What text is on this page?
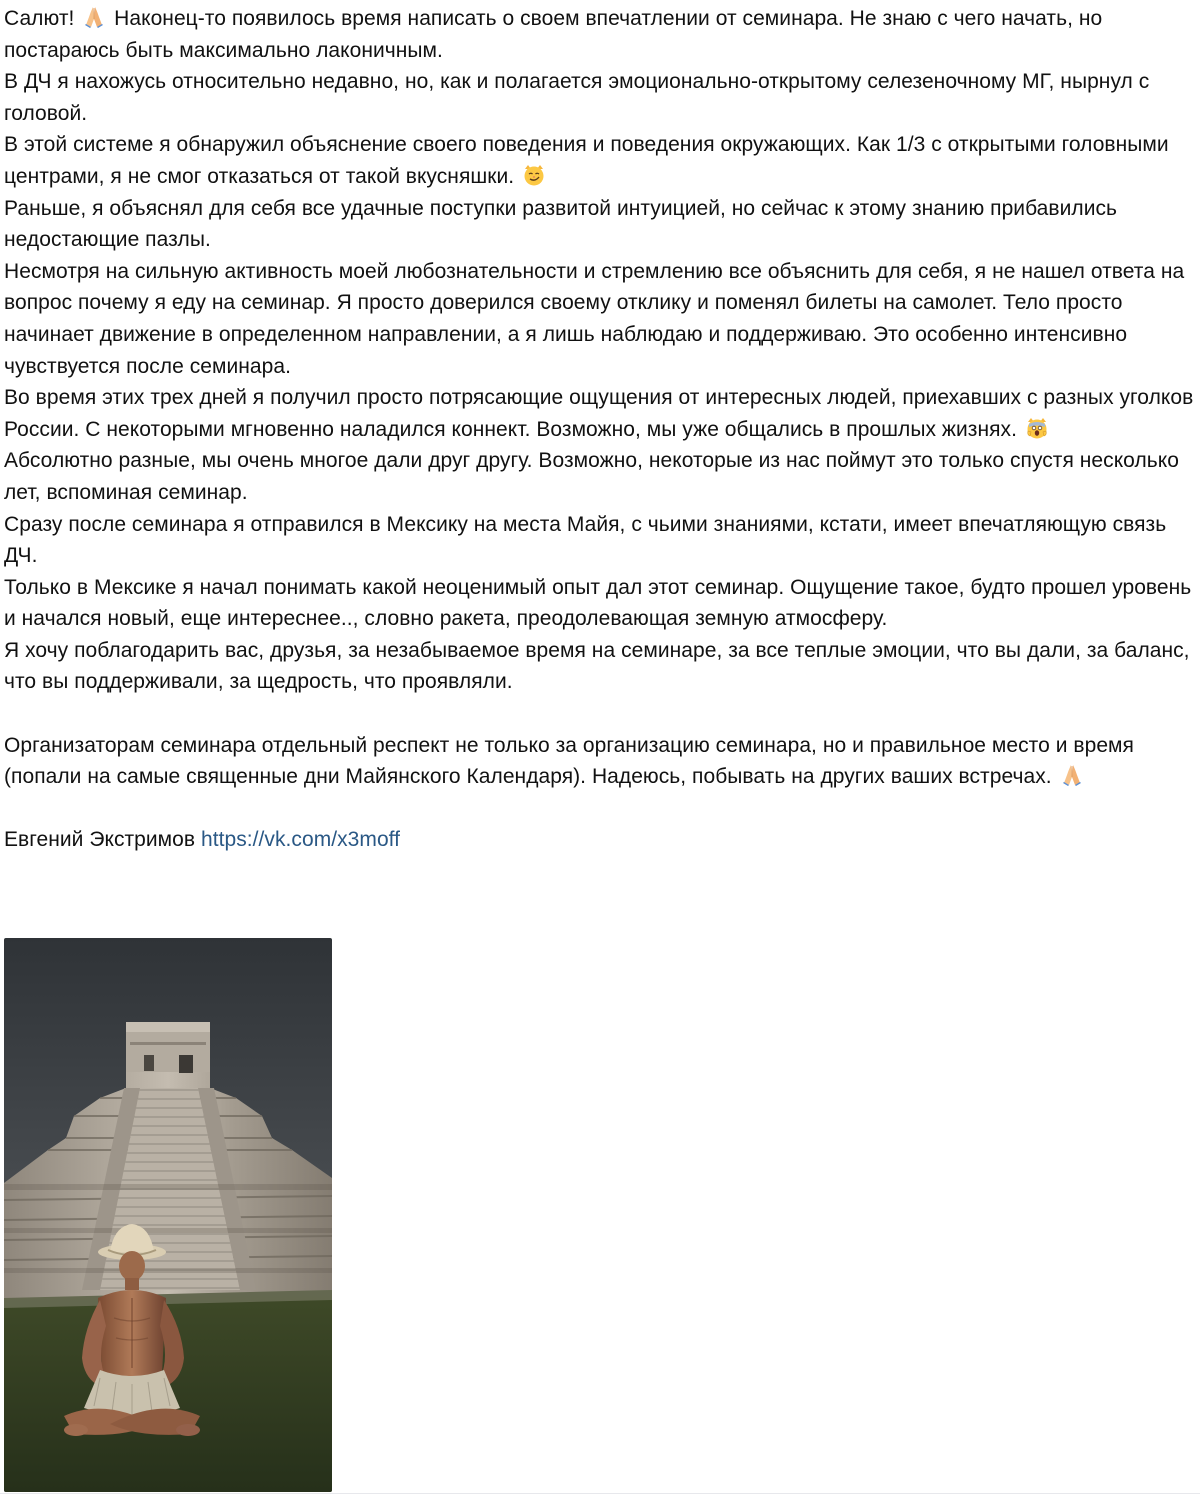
Салют!  Наконец-то появилось время написать о своем впечатлении от семинара. Не знаю с чего начать, но постараюсь быть максимально лаконичным.
В ДЧ я нахожусь относительно недавно, но, как и полагается эмоционально-открытому селезеночному МГ, нырнул с головой.
В этой системе я обнаружил объяснение своего поведения и поведения окружающих. Как 1/3 с открытыми головными центрами, я не смог отказаться от такой вкусняшки.
Раньше, я объяснял для себя все удачные поступки развитой интуицией, но сейчас к этому знанию прибавились недостающие пазлы.
Несмотря на сильную активность моей любознательности и стремлению все объяснить для себя, я не нашел ответа на вопрос почему я еду на семинар. Я просто доверился своему отклику и поменял билеты на самолет. Тело просто начинает движение в определенном направлении, а я лишь наблюдаю и поддерживаю. Это особенно интенсивно чувствуется после семинара.
Во время этих трех дней я получил просто потрясающие ощущения от интересных людей, приехавших с разных уголков России. С некоторыми мгновенно наладился коннект. Возможно, мы уже общались в прошлых жизнях.
Абсолютно разные, мы очень многое дали друг другу. Возможно, некоторые из нас поймут это только спустя несколько лет, вспоминая семинар.
Сразу после семинара я отправился в Мексику на места Майя, с чьими знаниями, кстати, имеет впечатляющую связь ДЧ.
Только в Мексике я начал понимать какой неоценимый опыт дал этот семинар. Ощущение такое, будто прошел уровень и начался новый, еще интереснее.., словно ракета, преодолевающая земную атмосферу.
Я хочу поблагодарить вас, друзья, за незабываемое время на семинаре, за все теплые эмоции, что вы дали, за баланс, что вы поддерживали, за щедрость, что проявляли.
Организаторам семинара отдельный респект не только за организацию семинара, но и правильное место и время (попали на самые священные дни Майянского Календаря). Надеюсь, побывать на других ваших встречах.
Евгений Экстримов https://vk.com/x3moff
